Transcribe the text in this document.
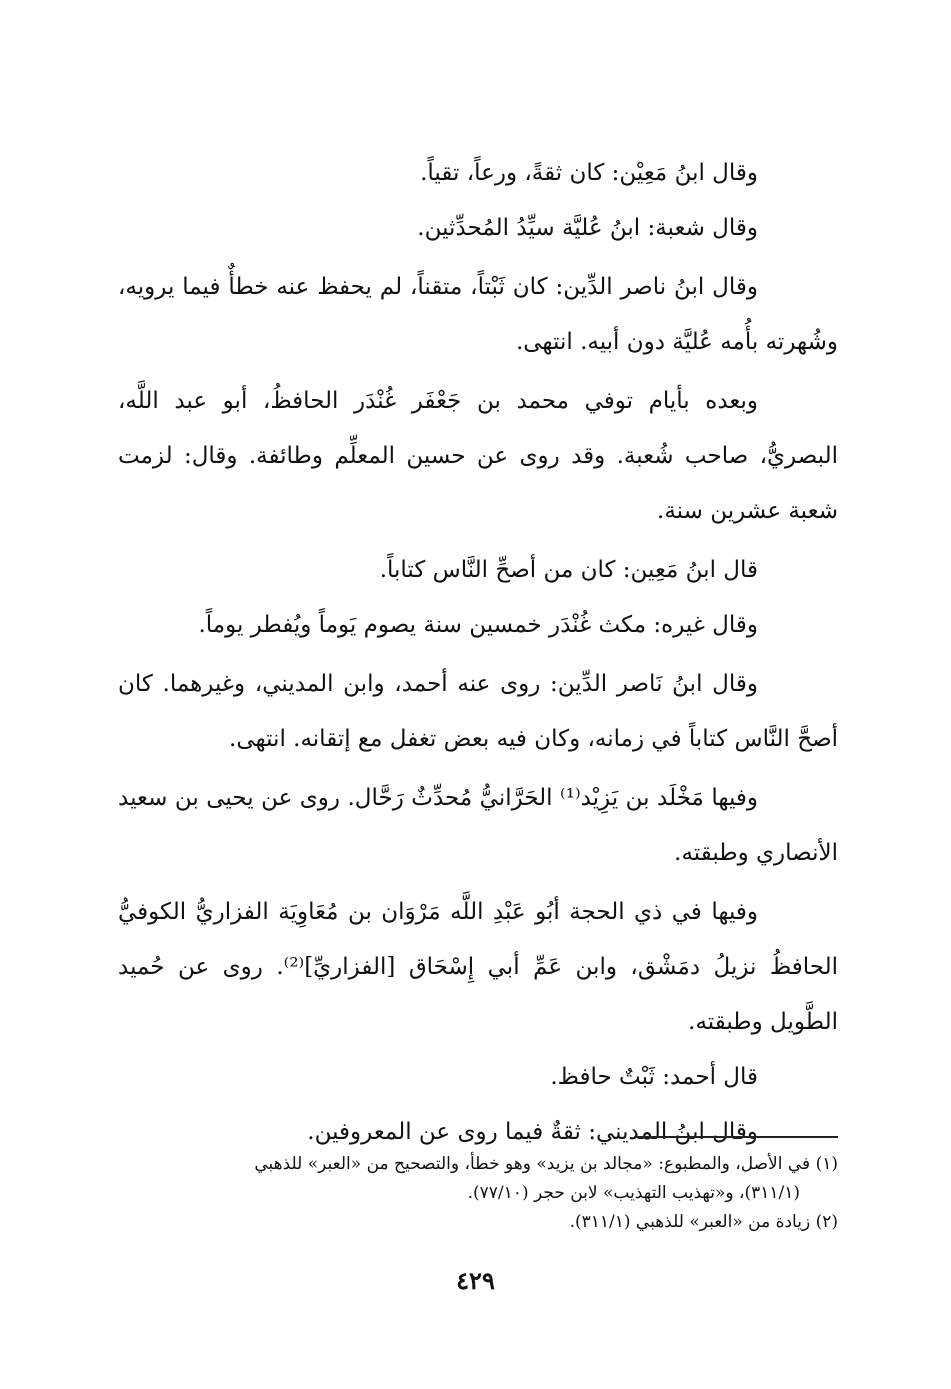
وقال ابنُ مَعِيْن: كان ثقةً، ورعاً، تقياً.

وقال شعبة: ابنُ عُليَّة سيِّدُ المُحدِّثين.

وقال ابنُ ناصر الدِّين: كان ثَبْتاً، متقناً، لم يحفظ عنه خطأٌ فيما يرويه، وشُهرته بأُمه عُليَّة دون أبيه. انتهى.

وبعده بأيام توفي محمد بن جَعْفَر غُنْدَر الحافظُ، أبو عبد اللَّه، البصريُّ، صاحب شُعبة. وقد روى عن حسين المعلِّم وطائفة. وقال: لزمت شعبة عشرين سنة.

قال ابنُ مَعِين: كان من أصحِّ النَّاس كتاباً.

وقال غيره: مكث غُنْدَر خمسين سنة يصوم يَوماً ويُفطر يوماً.

وقال ابنُ نَاصر الدِّين: روى عنه أحمد، وابن المديني، وغيرهما. كان أصحَّ النَّاس كتاباً في زمانه، وكان فيه بعض تغفل مع إتقانه. انتهى.

وفيها مَخْلَد بن يَزِيْد⁽¹⁾ الحَرَّانيُّ مُحدِّثٌ رَحَّال. روى عن يحيى بن سعيد الأنصاري وطبقته.

وفيها في ذي الحجة أبُو عَبْدِ اللَّه مَرْوَان بن مُعَاوِيَة الفزاريُّ الكوفيُّ الحافظُ نزيلُ دمَشْق، وابن عَمِّ أبي إِسْحَاق [الفزاريِّ]⁽²⁾. روى عن حُميد الطَّويل وطبقته.

قال أحمد: ثَبْتٌ حافظ.

وقال ابنُ المديني: ثقةٌ فيما روى عن المعروفين.

(١) في الأصل، والمطبوع: «مجالد بن يزيد» وهو خطأ، والتصحيح من «العبر» للذهبي

(٣١١/١)، و«تهذيب التهذيب» لابن حجر (٧٧/١٠).

(٢) زيادة من «العبر» للذهبي (٣١١/١).

٤٢٩
